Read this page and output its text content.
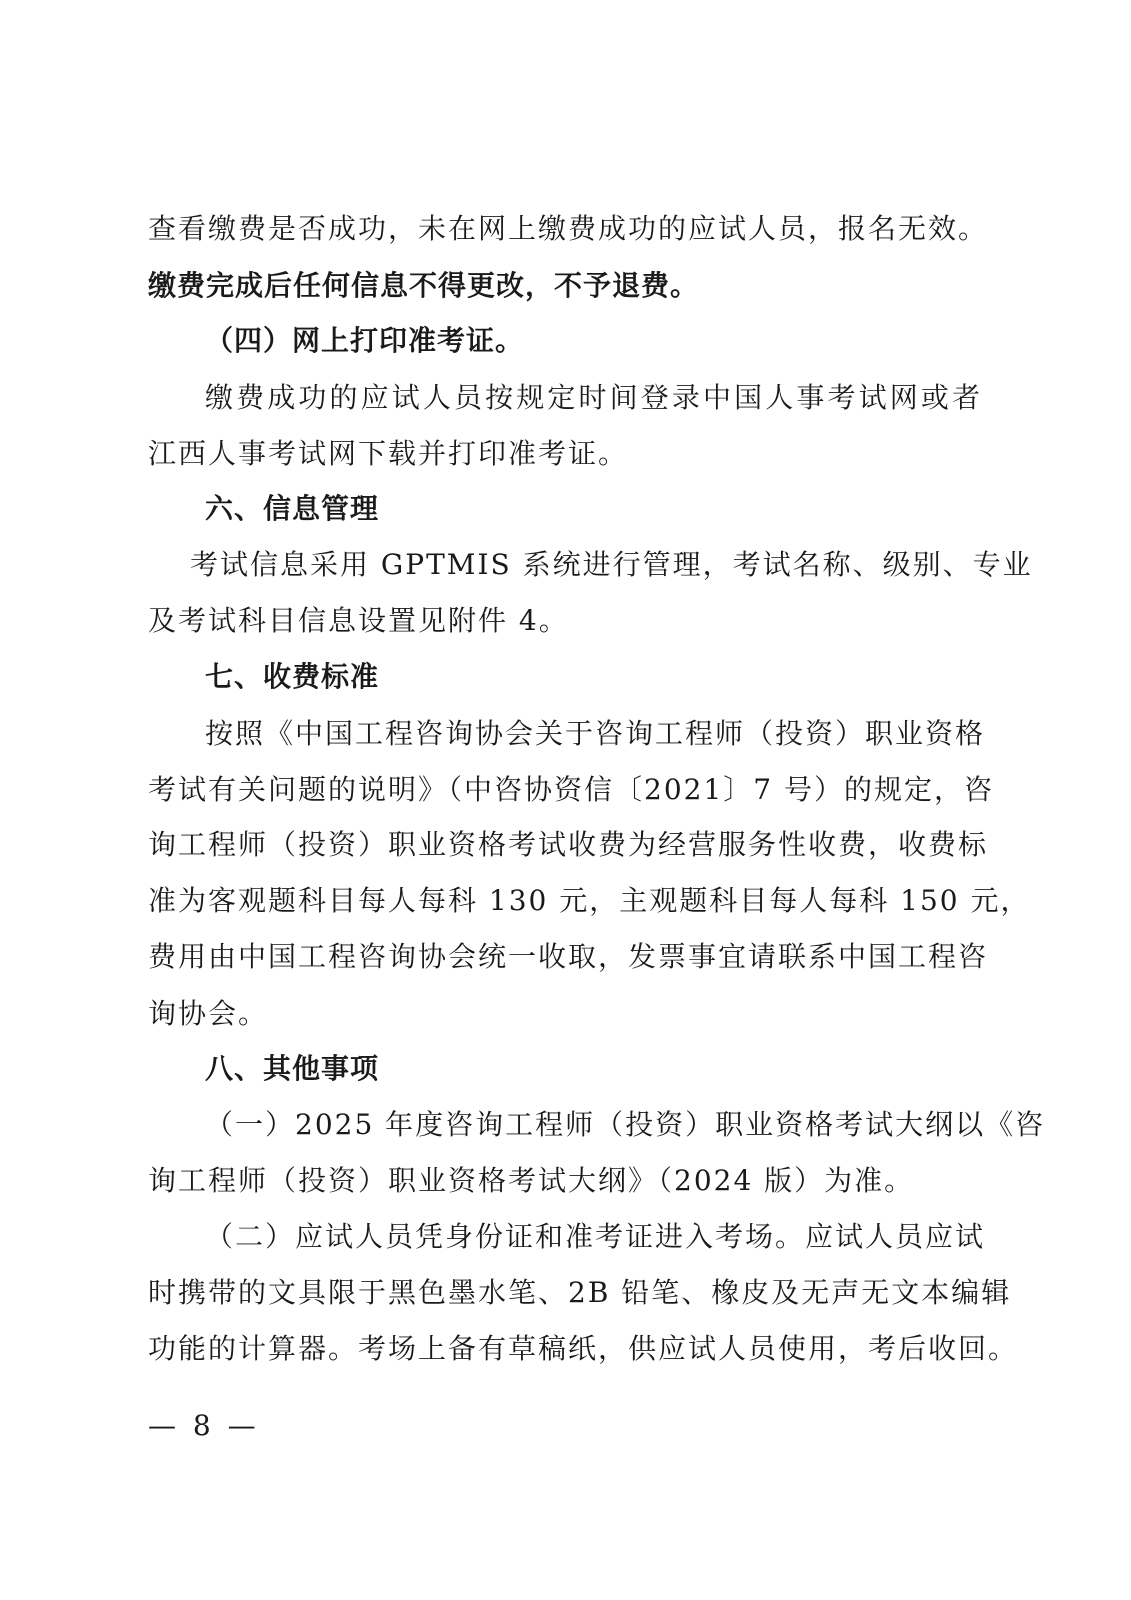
查看缴费是否成功，未在网上缴费成功的应试人员，报名无效。
缴费完成后任何信息不得更改，不予退费。
（四）网上打印准考证。
缴费成功的应试人员按规定时间登录中国人事考试网或者
江西人事考试网下载并打印准考证。
六、信息管理
考试信息采用 GPTMIS 系统进行管理，考试名称、级别、专业
及考试科目信息设置见附件 4。
七、收费标准
按照《中国工程咨询协会关于咨询工程师（投资）职业资格
考试有关问题的说明》（中咨协资信〔2021〕7 号）的规定，咨
询工程师（投资）职业资格考试收费为经营服务性收费，收费标
准为客观题科目每人每科 130 元，主观题科目每人每科 150 元，
费用由中国工程咨询协会统一收取，发票事宜请联系中国工程咨
询协会。
八、其他事项
（一）2025 年度咨询工程师（投资）职业资格考试大纲以《咨
询工程师（投资）职业资格考试大纲》（2024 版）为准。
（二）应试人员凭身份证和准考证进入考场。应试人员应试
时携带的文具限于黑色墨水笔、2B 铅笔、橡皮及无声无文本编辑
功能的计算器。考场上备有草稿纸，供应试人员使用，考后收回。
— 8 —
